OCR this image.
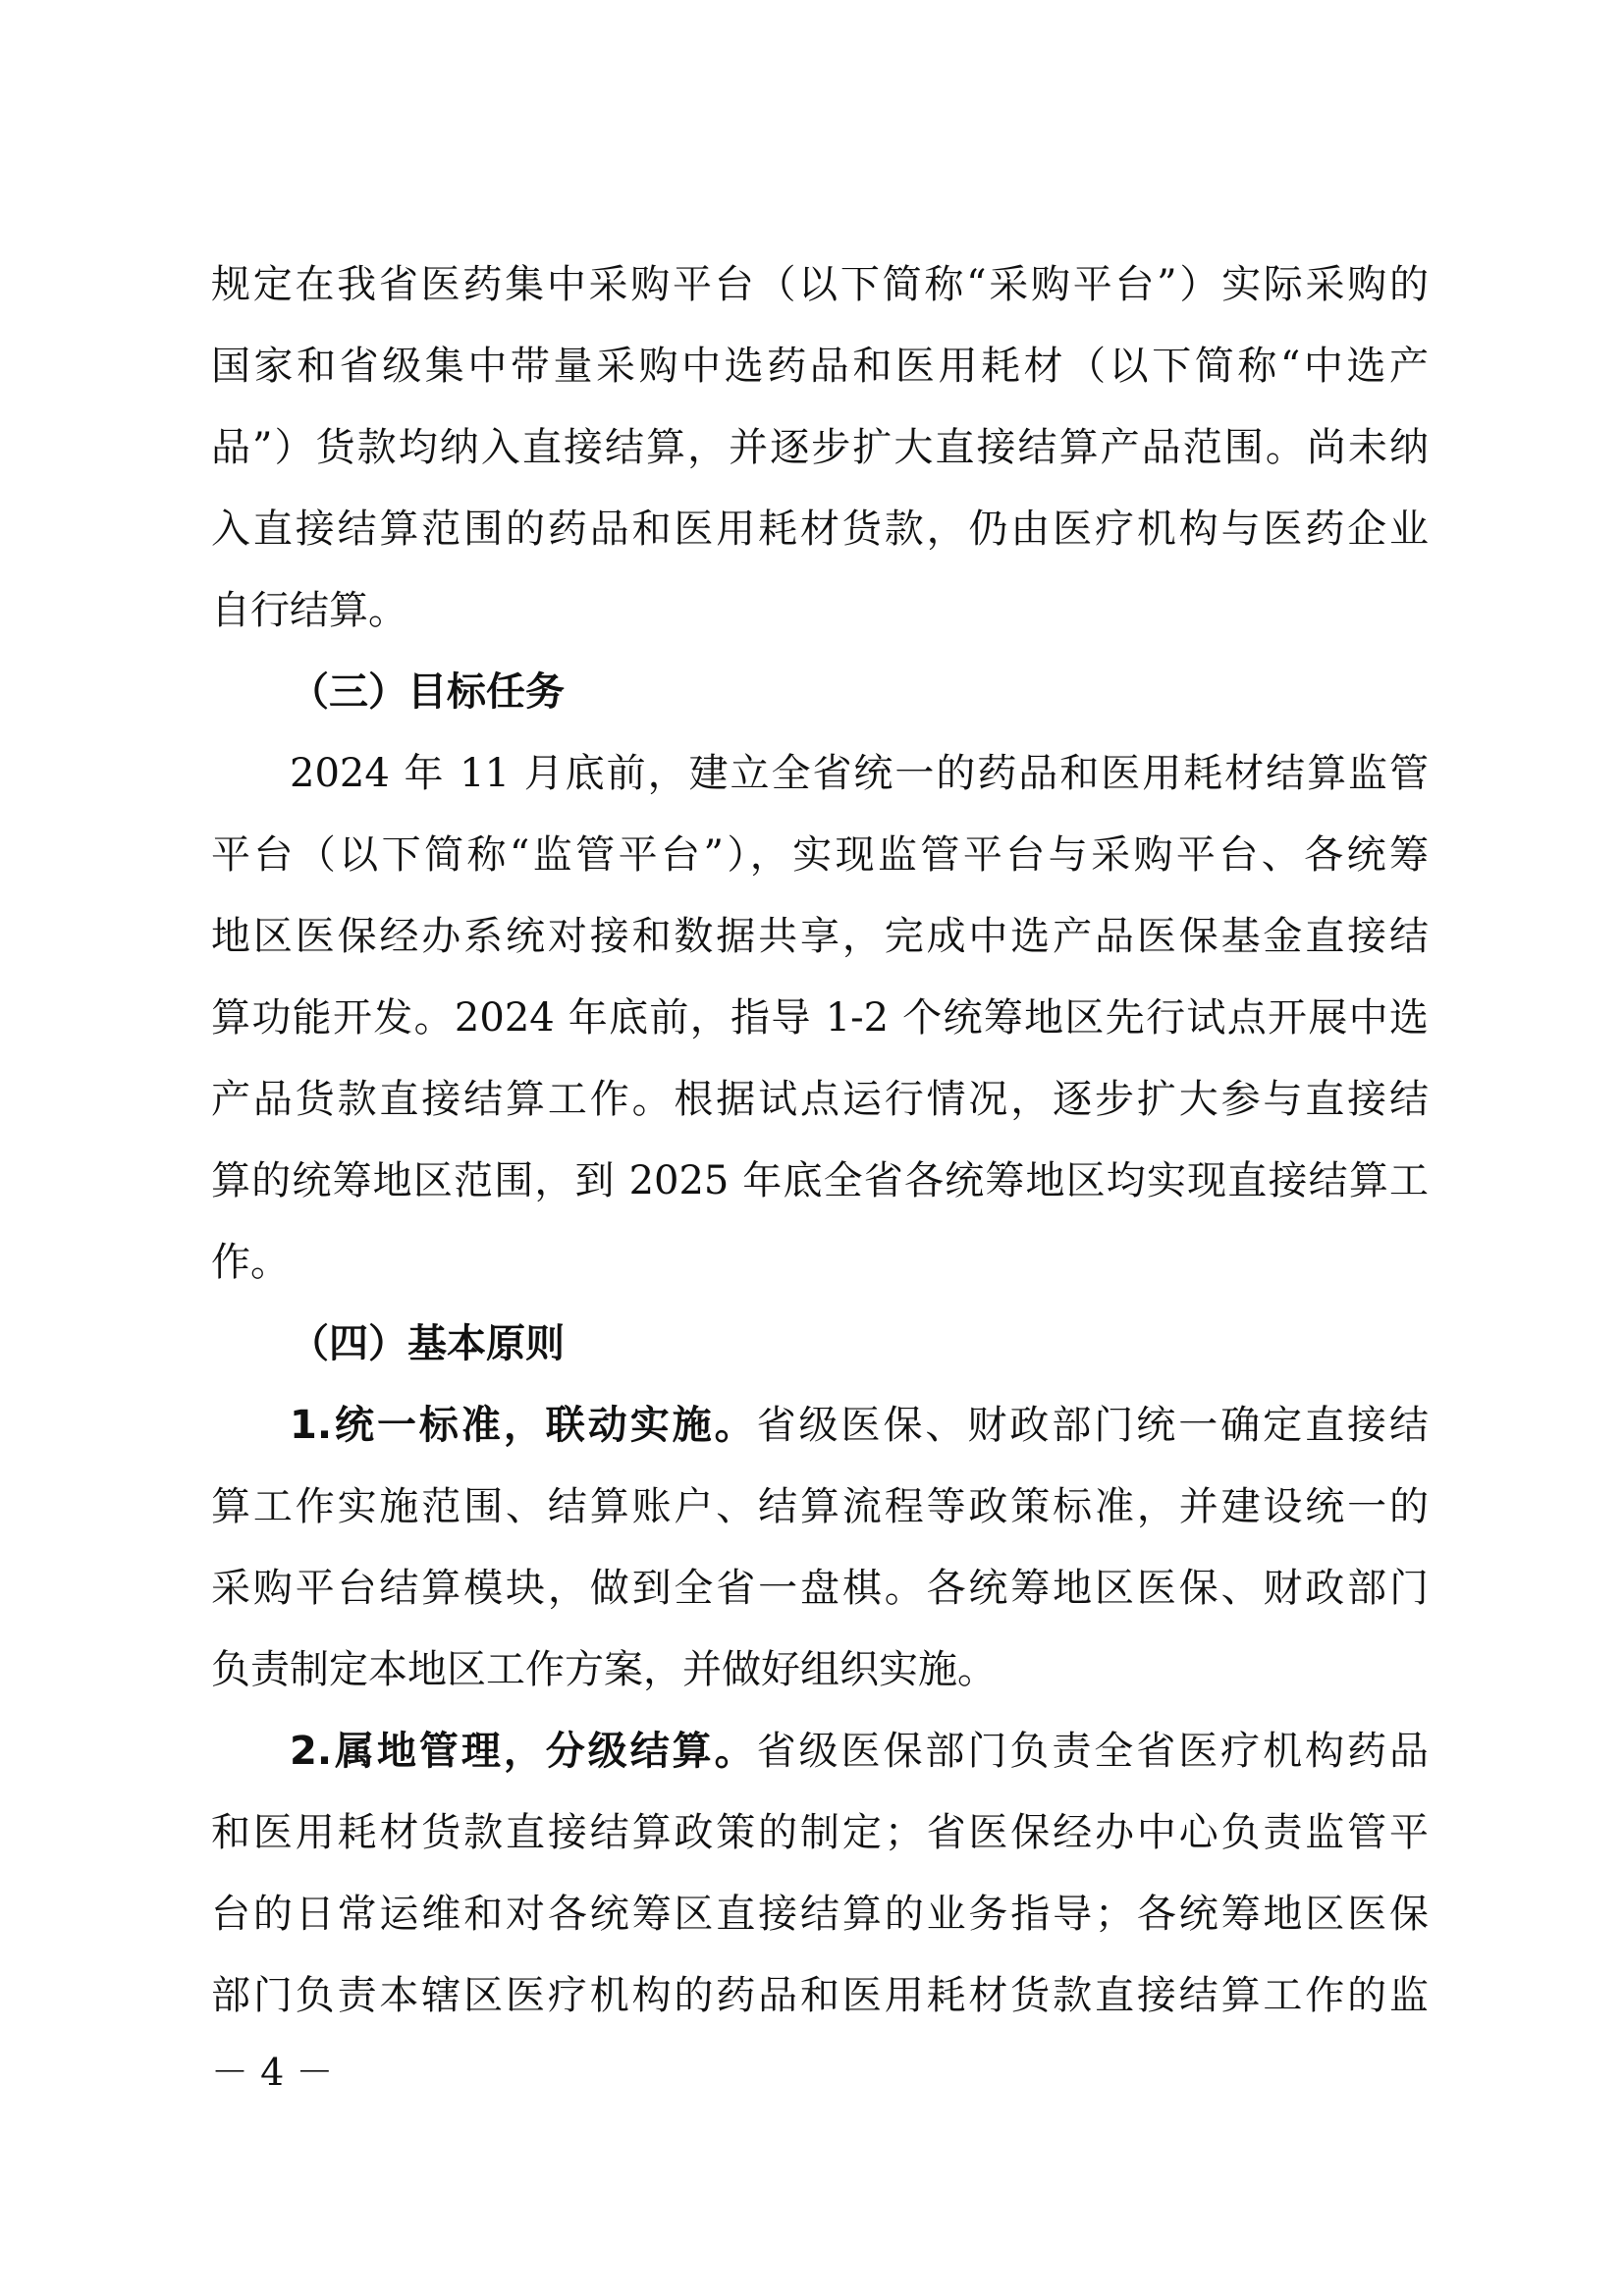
规定在我省医药集中采购平台（以下简称“采购平台”）实际采购的
国家和省级集中带量采购中选药品和医用耗材（以下简称“中选产
品”）货款均纳入直接结算，并逐步扩大直接结算产品范围。尚未纳
入直接结算范围的药品和医用耗材货款，仍由医疗机构与医药企业
自行结算。
（三）目标任务
2024 年 11 月底前，建立全省统一的药品和医用耗材结算监管
平台（以下简称“监管平台”），实现监管平台与采购平台、各统筹
地区医保经办系统对接和数据共享，完成中选产品医保基金直接结
算功能开发。2024 年底前，指导 1-2 个统筹地区先行试点开展中选
产品货款直接结算工作。根据试点运行情况，逐步扩大参与直接结
算的统筹地区范围，到 2025 年底全省各统筹地区均实现直接结算工
作。
（四）基本原则
1.统一标准，联动实施。省级医保、财政部门统一确定直接结
算工作实施范围、结算账户、结算流程等政策标准，并建设统一的
采购平台结算模块，做到全省一盘棋。各统筹地区医保、财政部门
负责制定本地区工作方案，并做好组织实施。
2.属地管理，分级结算。省级医保部门负责全省医疗机构药品
和医用耗材货款直接结算政策的制定；省医保经办中心负责监管平
台的日常运维和对各统筹区直接结算的业务指导；各统筹地区医保
部门负责本辖区医疗机构的药品和医用耗材货款直接结算工作的监
－ 4 －
